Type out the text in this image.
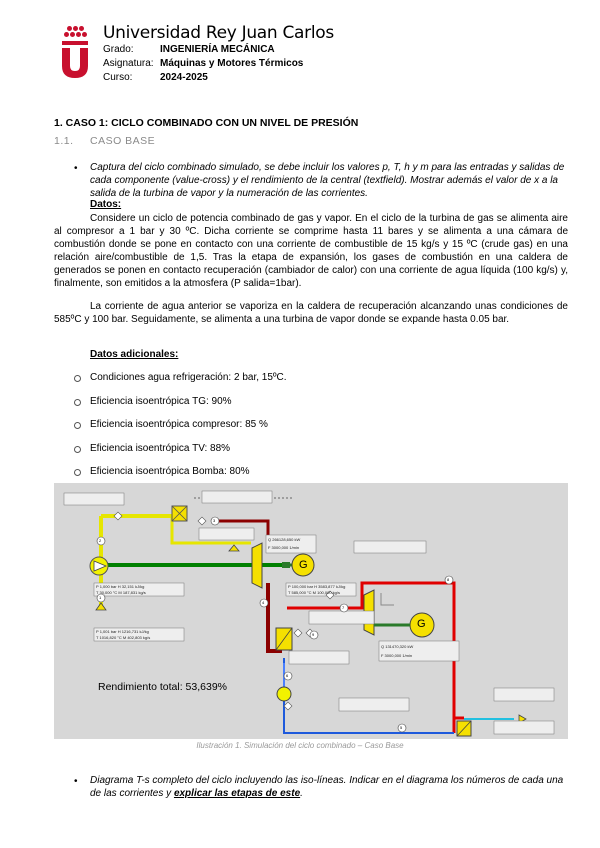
Universidad Rey Juan Carlos
Grado:	INGENIERÍA MECÁNICA
Asignatura: Máquinas y Motores Térmicos
Curso:	2024-2025
1. CASO 1: CICLO COMBINADO CON UN NIVEL DE PRESIÓN
1.1. CASO BASE
• Captura del ciclo combinado simulado, se debe incluir los valores p, T, h y m para las entradas y salidas de cada componente (value-cross) y el rendimiento de la central (textfield). Mostrar además el valor de x a la salida de la turbina de vapor y la numeración de las corrientes.
Datos:
Considere un ciclo de potencia combinado de gas y vapor. En el ciclo de la turbina de gas se alimenta aire al compresor a 1 bar y 30 ºC. Dicha corriente se comprime hasta 11 bares y se alimenta a una cámara de combustión donde se pone en contacto con una corriente de combustible de 15 kg/s y 15 ºC (crude gas) en una relación aire/combustible de 1,5. Tras la etapa de expansión, los gases de combustión en una caldera de generados se ponen en contacto recuperación (cambiador de calor) con una corriente de agua líquida (100 kg/s) y, finalmente, son emitidos a la atmosfera (P salida=1bar).
La corriente de agua anterior se vaporiza en la caldera de recuperación alcanzando unas condiciones de 585ºC y 100 bar. Seguidamente, se alimenta a una turbina de vapor donde se expande hasta 0.05 bar.
Datos adicionales:
Condiciones agua refrigeración: 2 bar, 15ºC.
Eficiencia isoentrópica TG: 90%
Eficiencia isoentrópica compresor: 85 %
Eficiencia isoentrópica TV: 88%
Eficiencia isoentrópica Bomba: 80%
2
3
4
1
5
6
7
8
9
G
G
Q 266128,650 kW
F 3000,000 1/min
Q 131470,320 kW
F 3000,000 1/min
P 1,000 bar H 32,151 kJ/kg
T 30,000 °C M 187,831 kg/s
P 1,001 bar H 1216,731 kJ/kg
T 1016,820 °C M 402,803 kg/s
P 100,000 bar H 3583,877 kJ/kg
T 585,000 °C M 100,000 kg/s
Rendimiento total: 53,639%
Ilustración 1. Simulación del ciclo combinado – Caso Base
• Diagrama T-s completo del ciclo incluyendo las iso-líneas. Indicar en el diagrama los números de cada una de las corrientes y explicar las etapas de este.
